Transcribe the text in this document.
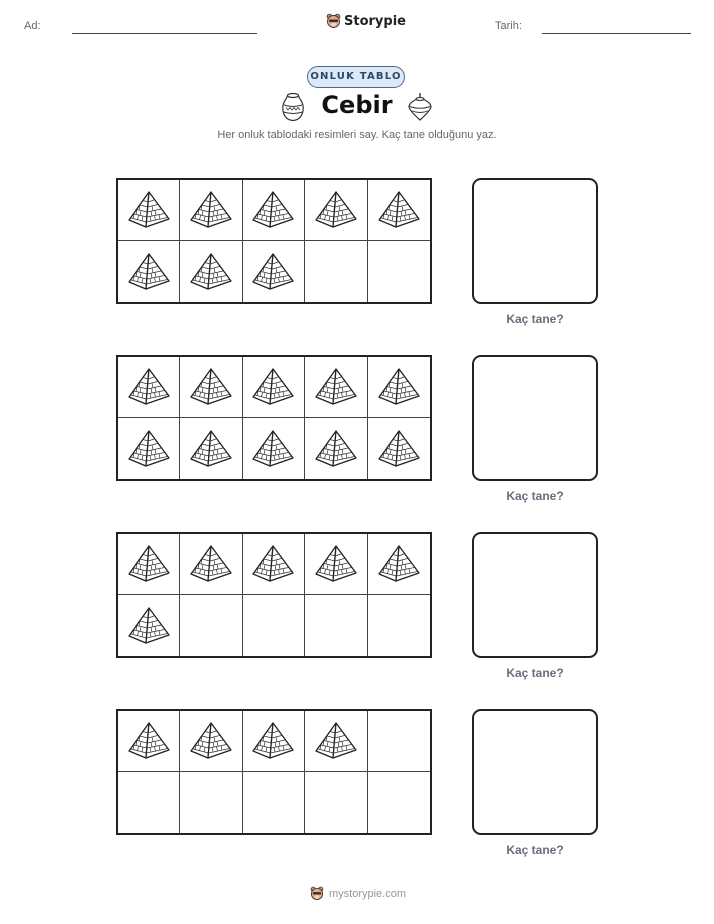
Ad:	Storypie	Tarih:
ONLUK TABLO
Cebir
Her onluk tablodaki resimleri say. Kaç tane olduğunu yaz.
Kaç tane?
Kaç tane?
Kaç tane?
Kaç tane?
mystorypie.com
